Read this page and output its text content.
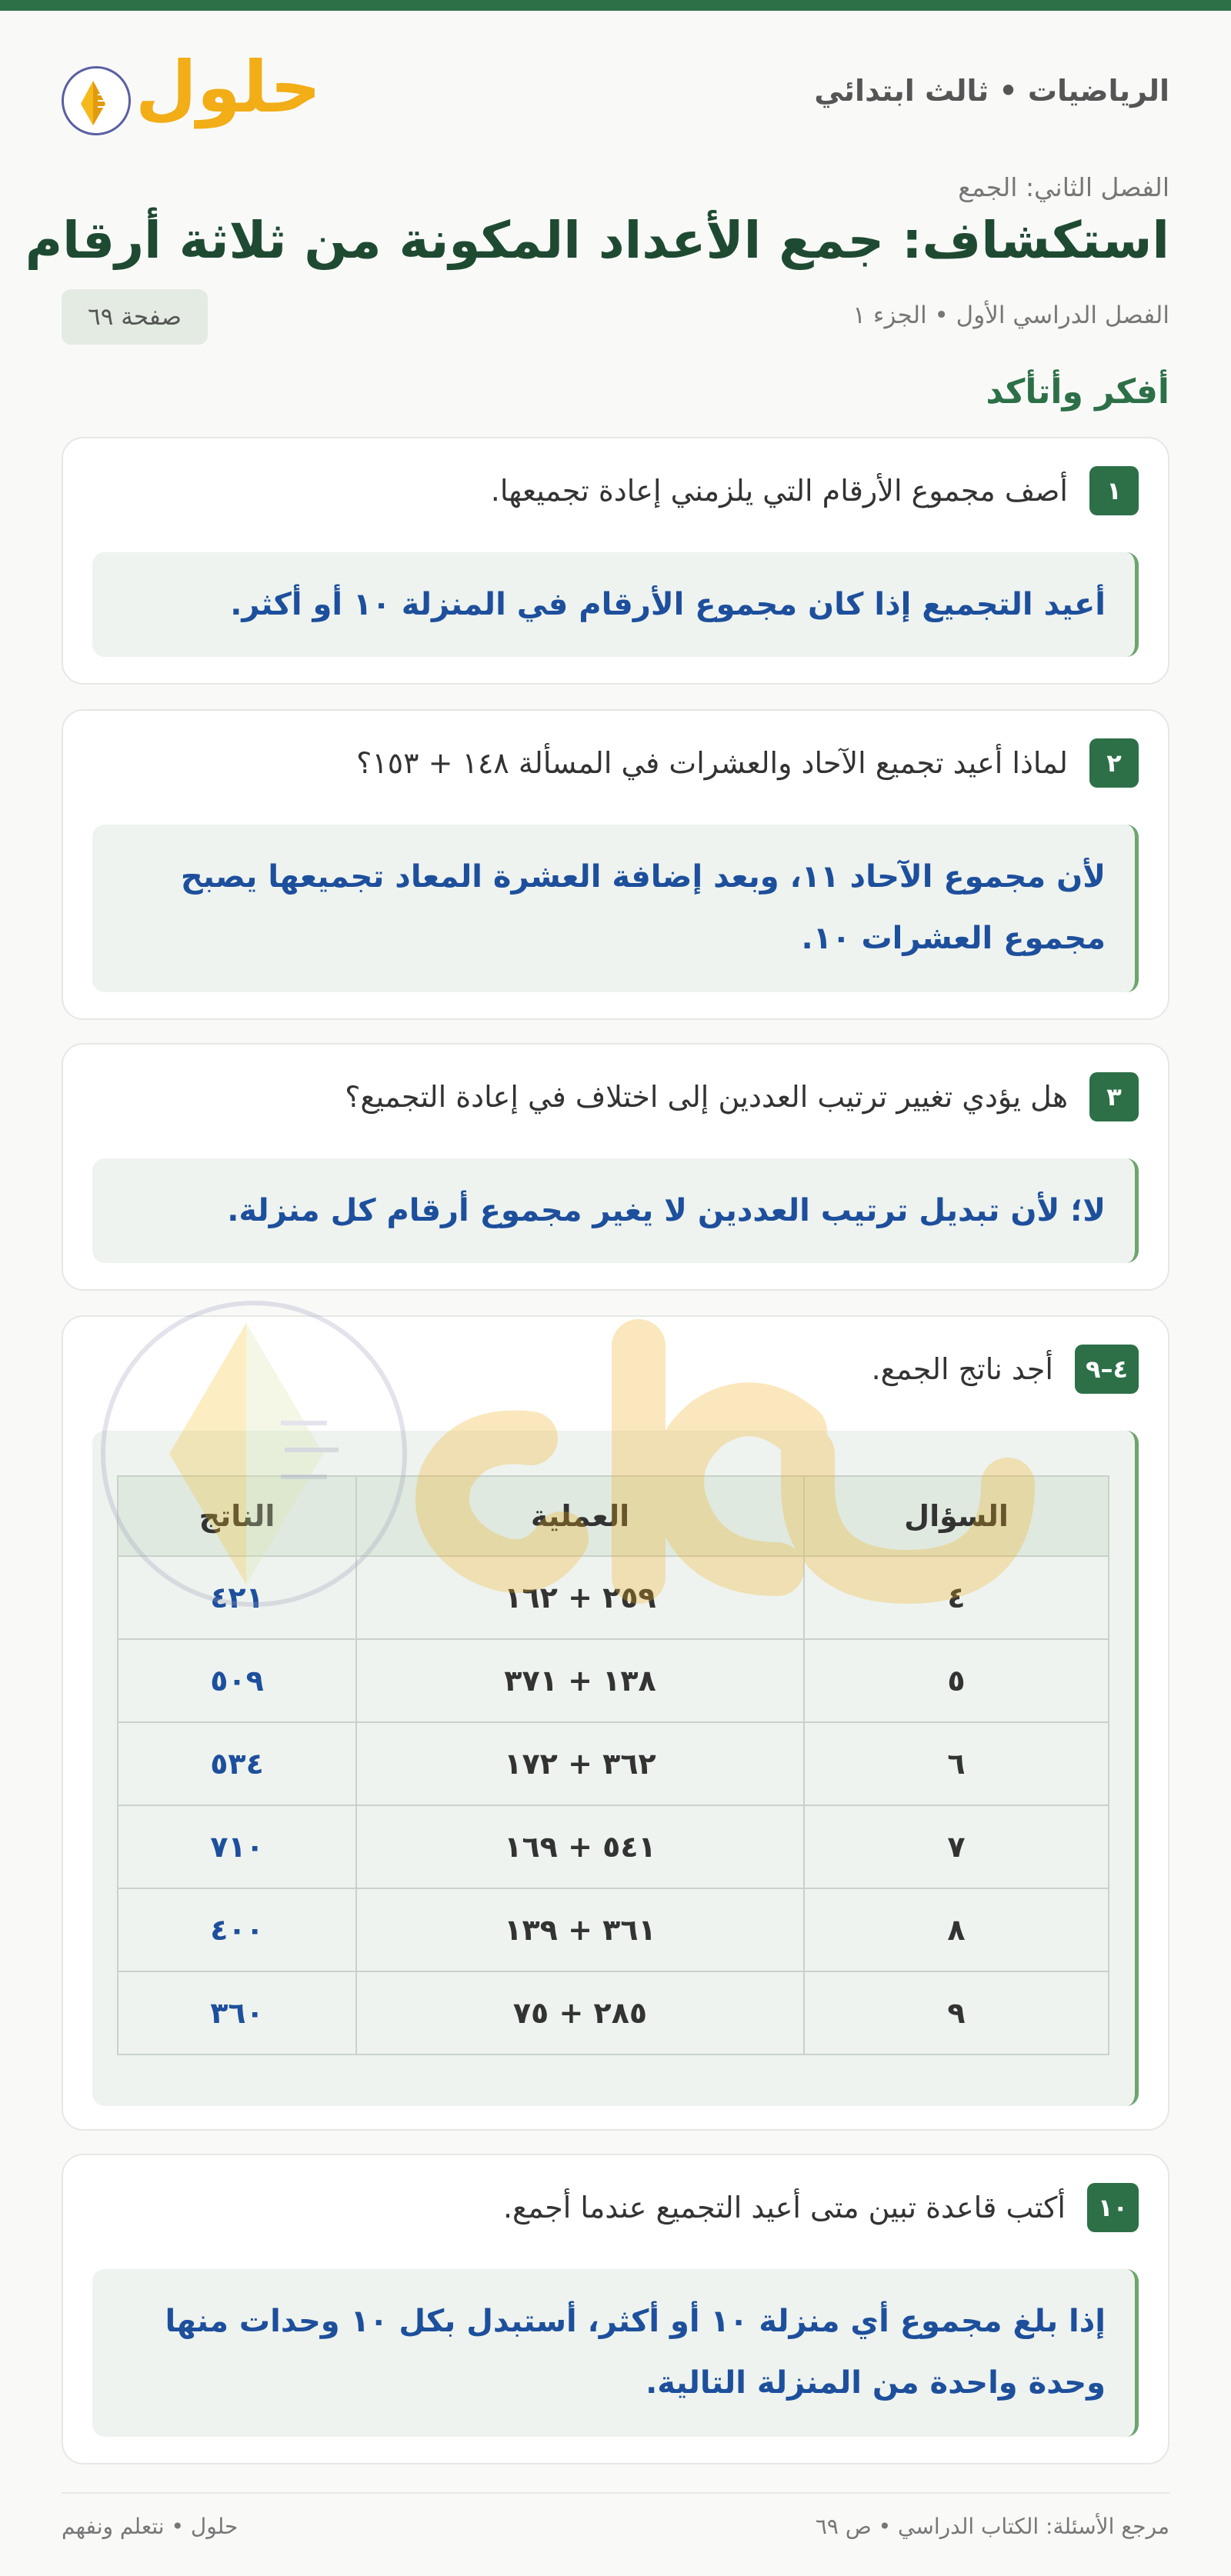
الرياضيات • ثالث ابتدائي
حلول
الفصل الثاني: الجمع
استكشاف: جمع الأعداد المكونة من ثلاثة أرقام
الفصل الدراسي الأول • الجزء ١
صفحة ٦٩
أفكر وأتأكد
١
أصف مجموع الأرقام التي يلزمني إعادة تجميعها.
أعيد التجميع إذا كان مجموع الأرقام في المنزلة ١٠ أو أكثر.
٢
لماذا أعيد تجميع الآحاد والعشرات في المسألة ١٤٨ + ١٥٣؟
لأن مجموع الآحاد ١١، وبعد إضافة العشرة المعاد تجميعها يصبح مجموع العشرات ١٠.
٣
هل يؤدي تغيير ترتيب العددين إلى اختلاف في إعادة التجميع؟
لا؛ لأن تبديل ترتيب العددين لا يغير مجموع أرقام كل منزلة.
٤–٩
أجد ناتج الجمع.
السؤال	العملية	الناتج
٤	٢٥٩ + ١٦٢	٤٢١
٥	١٣٨ + ٣٧١	٥٠٩
٦	٣٦٢ + ١٧٢	٥٣٤
٧	٥٤١ + ١٦٩	٧١٠
٨	٣٦١ + ١٣٩	٤٠٠
٩	٢٨٥ + ٧٥	٣٦٠
١٠
أكتب قاعدة تبين متى أعيد التجميع عندما أجمع.
إذا بلغ مجموع أي منزلة ١٠ أو أكثر، أستبدل بكل ١٠ وحدات منها وحدة واحدة من المنزلة التالية.
مرجع الأسئلة: الكتاب الدراسي • ص ٦٩
حلول • نتعلم ونفهم
